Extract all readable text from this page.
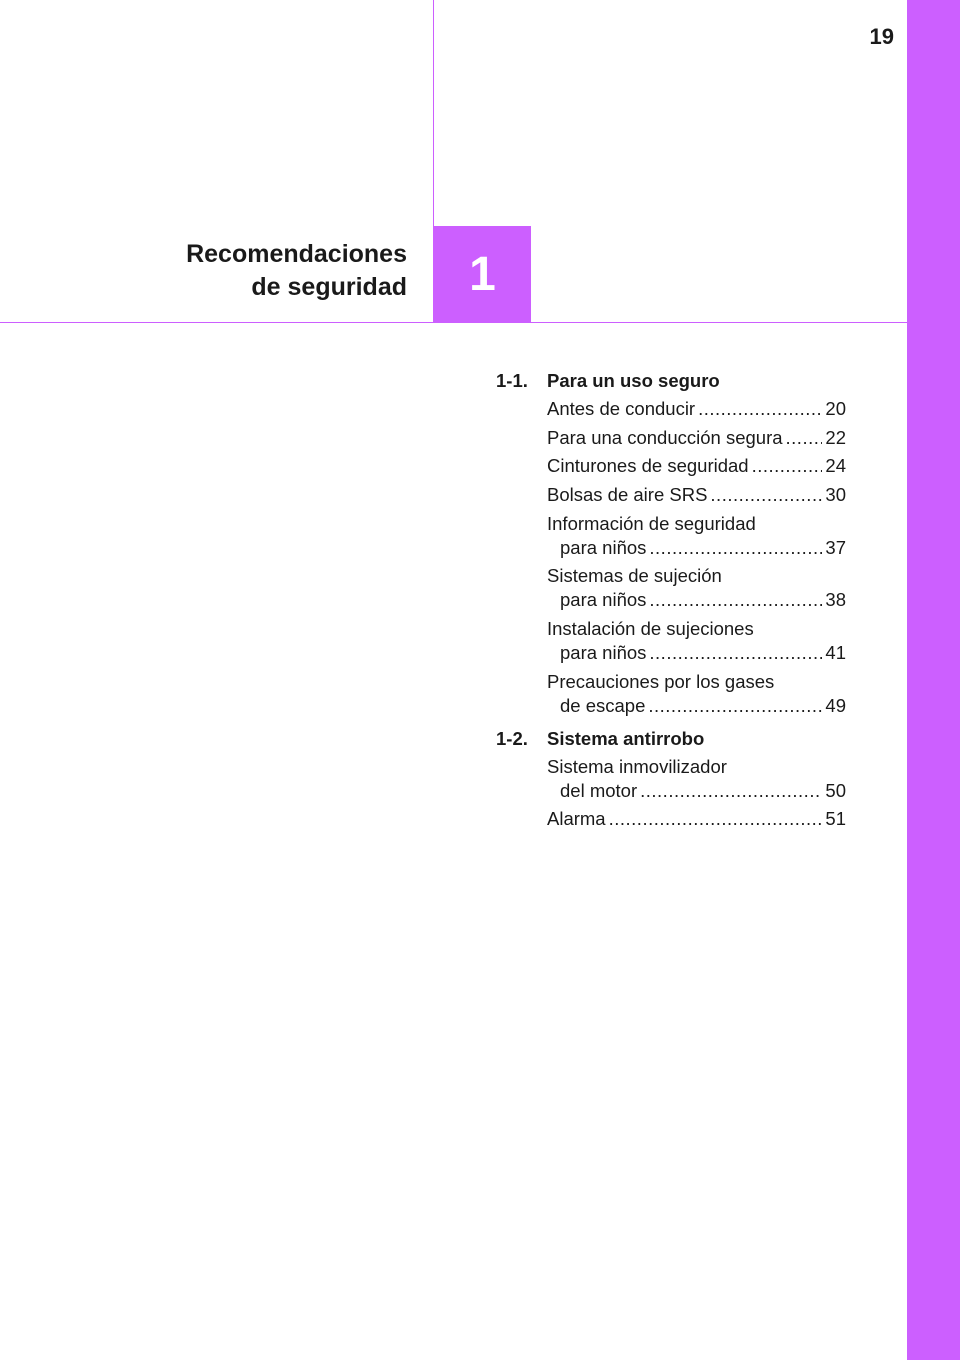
19
1
Recomendaciones
de seguridad
1-1. Para un uso seguro
Antes de conducir .....	20
Para una conducción segura ..... 22
Cinturones de seguridad .....	24
Bolsas de aire SRS .....	30
Información de seguridad
para niños .....	37
Sistemas de sujeción
para niños .....	38
Instalación de sujeciones
para niños .....	41
Precauciones por los gases
de escape .....	49
1-2. Sistema antirrobo
Sistema inmovilizador
del motor .....	50
Alarma .....	51
